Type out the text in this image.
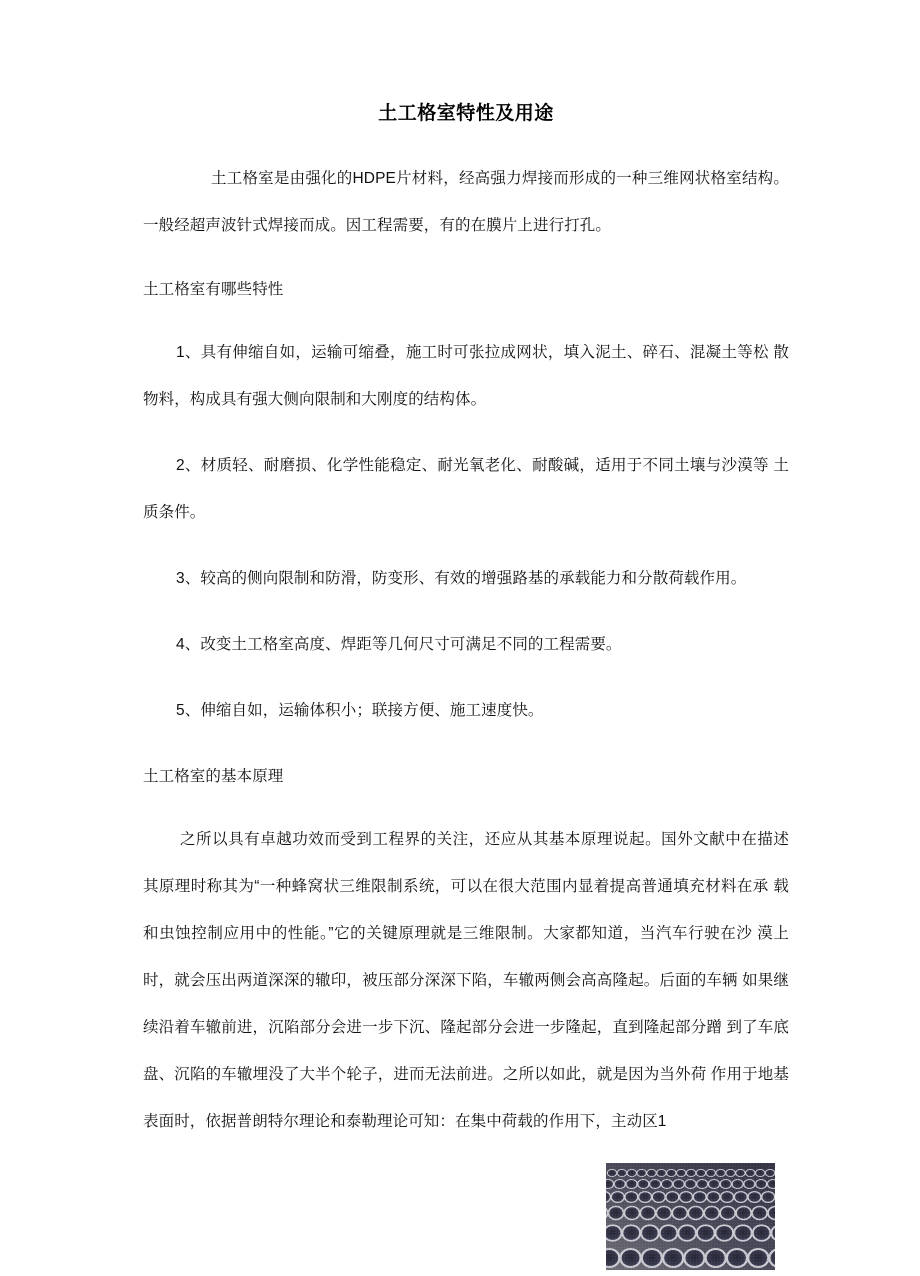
土工格室特性及用途

土工格室是由强化的HDPE片材料，经高强力焊接而形成的一种三维网状格室结构。一般经超声波针式焊接而成。因工程需要，有的在膜片上进行打孔。

土工格室有哪些特性
1、具有伸缩自如，运输可缩叠，施工时可张拉成网状，填入泥土、碎石、混凝土等松 散物料，构成具有强大侧向限制和大刚度的结构体。
2、材质轻、耐磨损、化学性能稳定、耐光氧老化、耐酸碱，适用于不同土壤与沙漠等 土质条件。
3、较高的侧向限制和防滑，防变形、有效的增强路基的承载能力和分散荷载作用。
4、改变土工格室高度、焊距等几何尺寸可满足不同的工程需要。
5、伸缩自如，运输体积小；联接方便、施工速度快。
土工格室的基本原理

之所以具有卓越功效而受到工程界的关注，还应从其基本原理说起。国外文献中在描述 其原理时称其为“一种蜂窝状三维限制系统，可以在很大范围内显着提高普通填充材料在承 载和虫蚀控制应用中的性能。”它的关键原理就是三维限制。大家都知道，当汽车行驶在沙 漠上时，就会压出两道深深的辙印，被压部分深深下陷，车辙两侧会高高隆起。后面的车辆 如果继续沿着车辙前进，沉陷部分会进一步下沉、隆起部分会进一步隆起，直到隆起部分蹭 到了车底盘、沉陷的车辙埋没了大半个轮子，进而无法前进。之所以如此，就是因为当外荷 作用于地基表面时，依据普朗特尔理论和泰勒理论可知：在集中荷载的作用下，主动区1
